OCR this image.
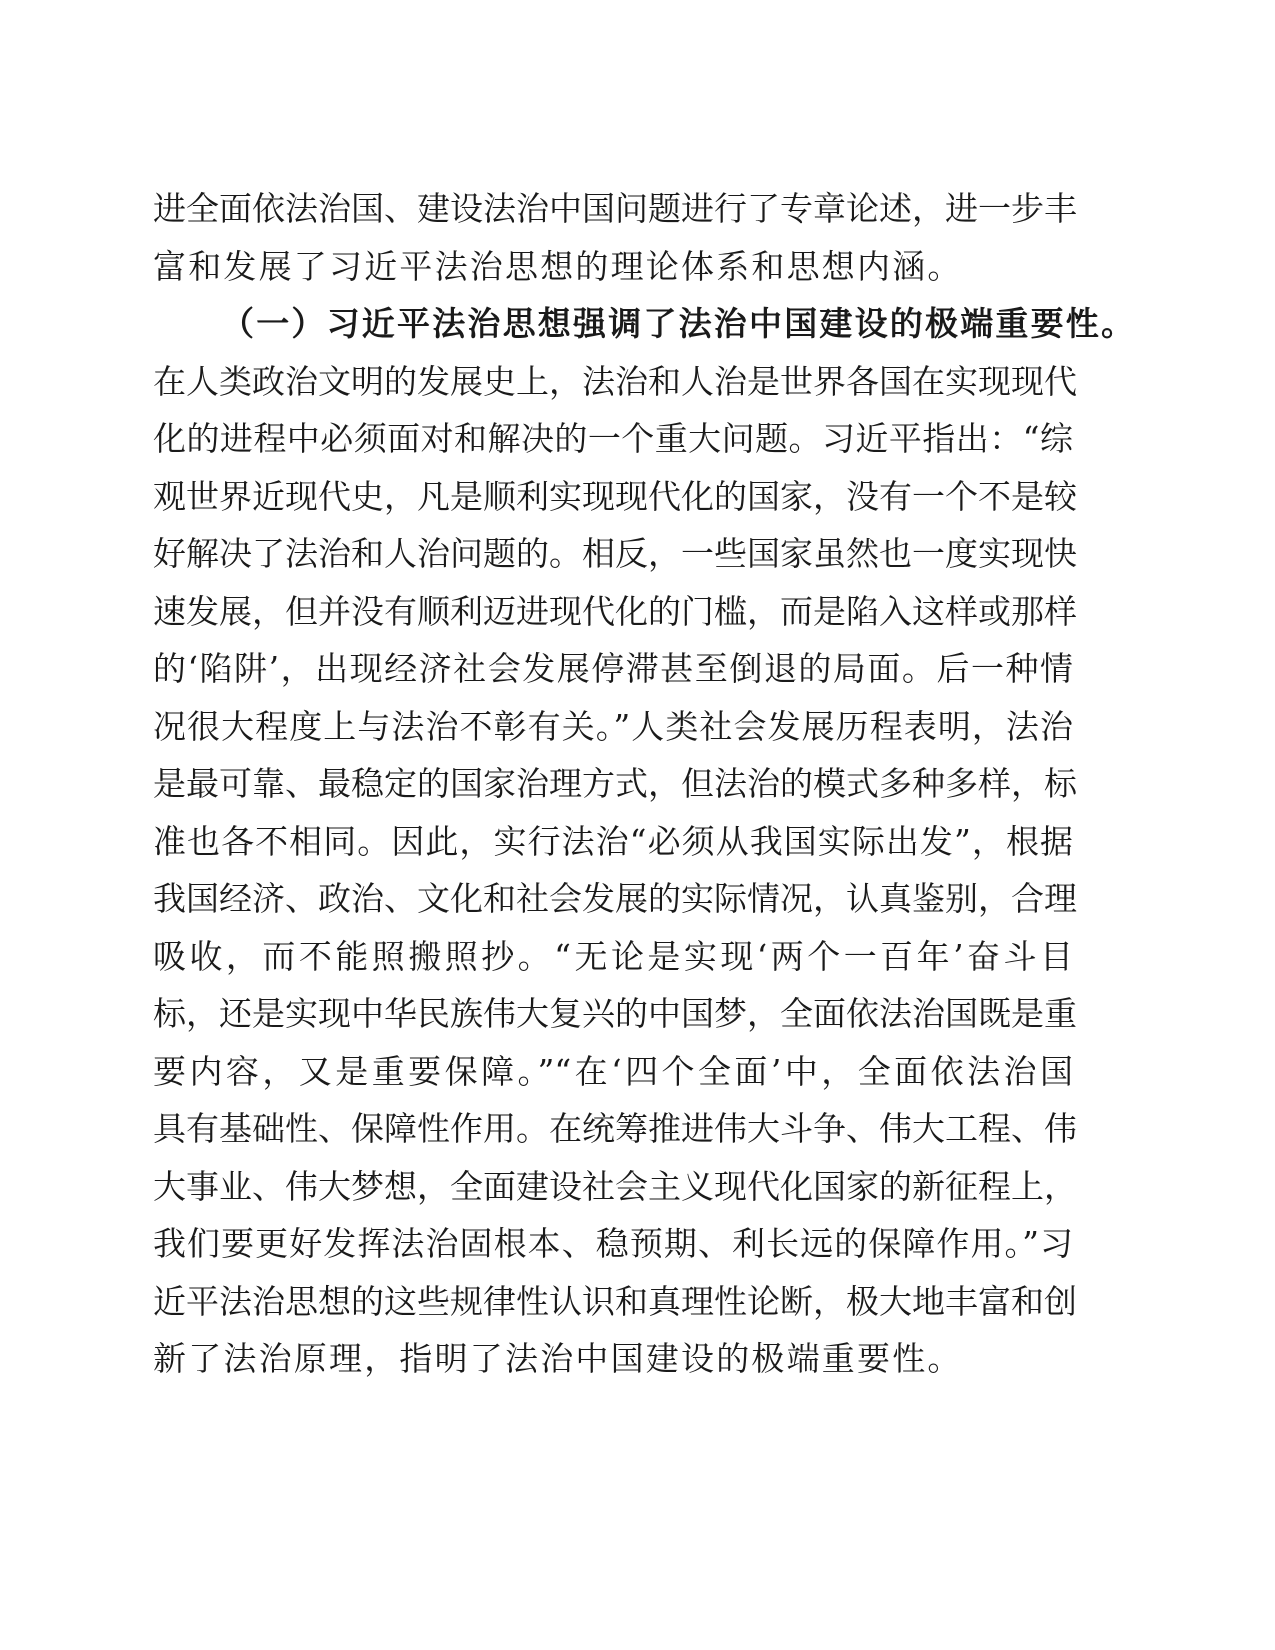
进全面依法治国、建设法治中国问题进行了专章论述，进一步丰
富和发展了习近平法治思想的理论体系和思想内涵。
（一）习近平法治思想强调了法治中国建设的极端重要性。
在人类政治文明的发展史上，法治和人治是世界各国在实现现代
化的进程中必须面对和解决的一个重大问题。习近平指出：“综
观世界近现代史，凡是顺利实现现代化的国家，没有一个不是较
好解决了法治和人治问题的。相反，一些国家虽然也一度实现快
速发展，但并没有顺利迈进现代化的门槛，而是陷入这样或那样
的‘陷阱’，出现经济社会发展停滞甚至倒退的局面。后一种情
况很大程度上与法治不彰有关。”人类社会发展历程表明，法治
是最可靠、最稳定的国家治理方式，但法治的模式多种多样，标
准也各不相同。因此，实行法治“必须从我国实际出发”，根据
我国经济、政治、文化和社会发展的实际情况，认真鉴别，合理
吸收，而不能照搬照抄。“无论是实现‘两个一百年’奋斗目
标，还是实现中华民族伟大复兴的中国梦，全面依法治国既是重
要内容，又是重要保障。”“在‘四个全面’中，全面依法治国
具有基础性、保障性作用。在统筹推进伟大斗争、伟大工程、伟
大事业、伟大梦想，全面建设社会主义现代化国家的新征程上，
我们要更好发挥法治固根本、稳预期、利长远的保障作用。”习
近平法治思想的这些规律性认识和真理性论断，极大地丰富和创
新了法治原理，指明了法治中国建设的极端重要性。
